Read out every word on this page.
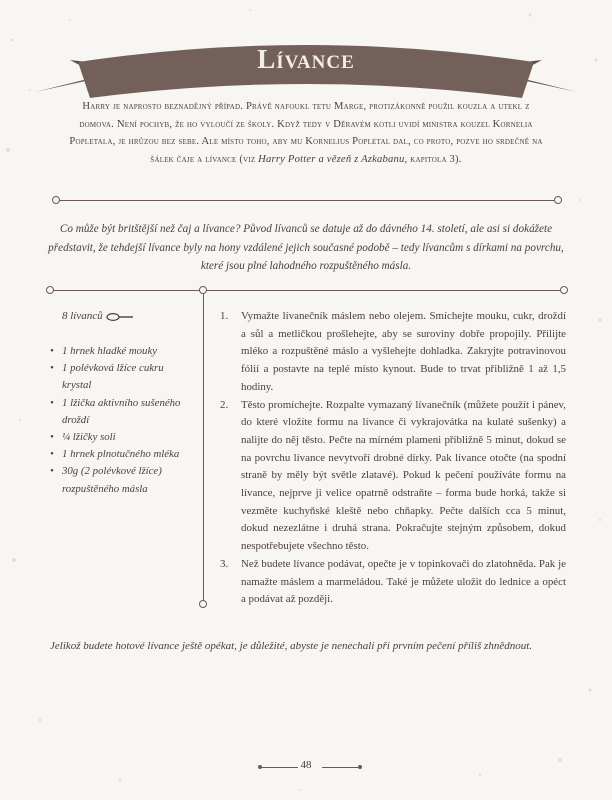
Lívance
Harry je naprosto beznadějný případ. Právě nafoukl tetu Marge, protizákonně použil kouzla a utekl z domova. Není pochyb, že ho vyloučí ze školy. Když tedy v Děravém kotli uvidí ministra kouzel Kornelia Popletala, je hrůzou bez sebe. Ale místo toho, aby mu Kornelius Popletal dal, co proto, pozve ho srdečně na šálek čaje a lívance (viz Harry Potter a vězeň z Azkabanu, kapitola 3).
Co může být britštější než čaj a lívance? Původ lívanců se datuje až do dávného 14. století, ale asi si dokážete představit, že tehdejší lívance byly na hony vzdálené jejich současné podobě – tedy lívancům s dírkami na povrchu, které jsou plné lahodného rozpuštěného másla.
8 lívanců
• 1 hrnek hladké mouky
• 1 polévková lžíce cukru krystal
• 1 lžička aktivního sušeného droždí
• ¼ lžičky soli
• 1 hrnek plnotučného mléka
• 30g (2 polévkové lžíce) rozpuštěného másla
1. Vymažte lívanečník máslem nebo olejem. Smíchejte mouku, cukr, droždí a sůl a metličkou prošlehejte, aby se suroviny dobře propojily. Přilijte mléko a rozpuštěné máslo a vyšlehejte dohladka. Zakryjte potravinovou fólií a postavte na teplé místo kynout. Bude to trvat přibližně 1 až 1,5 hodiny.
2. Těsto promíchejte. Rozpalte vymazaný lívanečník (můžete použít i pánev, do které vložíte formu na lívance či vykrajovátka na kulaté sušenky) a nalijte do něj těsto. Pečte na mírném plameni přibližně 5 minut, dokud se na povrchu lívance nevytvoří drobné dírky. Pak lívance otočte (na spodní straně by měly být světle zlatavé). Pokud k pečení používáte formu na lívance, nejprve ji velice opatrně odstraňte – forma bude horká, takže si vezměte kuchyňské kleště nebo chňapky. Pečte dalších cca 5 minut, dokud nezezlátne i druhá strana. Pokračujte stejným způsobem, dokud nespotřebujete všechno těsto.
3. Než budete lívance podávat, opečte je v topinkovači do zlatohněda. Pak je namažte máslem a marmeládou. Také je můžete uložit do lednice a opéct a podávat až později.
Jelikož budete hotové lívance ještě opékat, je důležité, abyste je nenechali při prvním pečení příliš zhnědnout.
48
